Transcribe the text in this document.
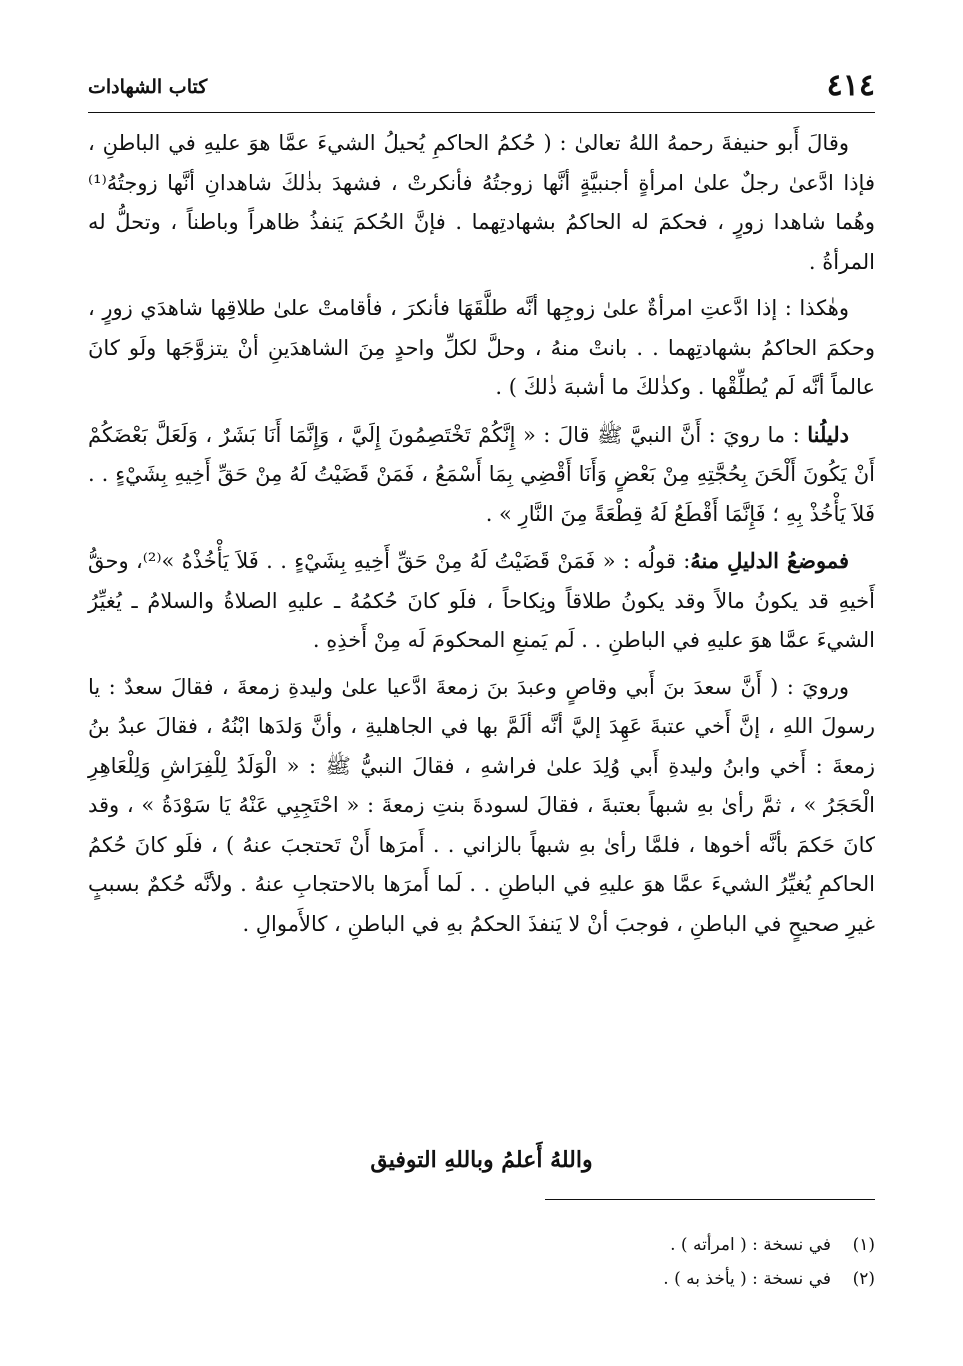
٤١٤
كتاب الشهادات

وقالَ أَبو حنيفةَ رحمهُ اللهُ تعالىٰ : ( حُكمُ الحاكمِ يُحيلُ الشيءَ عمَّا هوَ عليهِ في الباطنِ ، فإذا ادَّعىٰ رجلٌ علىٰ امرأةٍ أجنبيَّةٍ أنَّها زوجتُهُ فأنكرتْ ، فشهدَ بذٰلكَ شاهدانِ أنَّها زوجتُهُ⁽¹⁾ وهُما شاهدا زورٍ ، فحكمَ له الحاكمُ بشهادتِهما . فإنَّ الحُكمَ يَنفذُ ظاهراً وباطناً ، وتحلُّ له المرأةُ .

وهٰكذا : إذا ادَّعتِ امرأةٌ علىٰ زوجِها أنَّه طلَّقَهَا فأنكرَ ، فأقامتْ علىٰ طلاقِها شاهدَي زورٍ ، وحكمَ الحاكمُ بشهادتِهما . . بانتْ منهُ ، وحلَّ لكلِّ واحدٍ مِنَ الشاهدَينِ أنْ يتزوَّجَها ولَو كانَ عالماً أنَّه لَم يُطلِّقْها . وكذٰلكَ ما أشبهَ ذٰلكَ ) .

دليلُنا : ما رويَ : أَنَّ النبيَّ ﷺ قالَ : « إِنَّكُمْ تَخْتَصِمُونَ إِلَيَّ ، وَإِنَّمَا أَنَا بَشَرٌ ، وَلَعَلَّ بَعْضَكُمْ أَنْ يَكُونَ أَلْحَنَ بِحُجَّتِهِ مِنْ بَعْضٍ وَأَنَا أَقْضِي بِمَا أَسْمَعُ ، فَمَنْ قَضَيْتُ لَهُ مِنْ حَقِّ أَخِيهِ بِشَيْءٍ . . فَلاَ يَأْخُذْ بِهِ ؛ فَإِنَّمَا أَقْطَعُ لَهُ قِطْعَةً مِنَ النَّارِ » .

فموضعُ الدليلِ منهُ: قولُه : « فَمَنْ قَضَيْتُ لَهُ مِنْ حَقِّ أَخِيهِ بِشَيْءٍ . . فَلاَ يَأْخُذْهُ »⁽²⁾، وحقُّ أَخيهِ قد يكونُ مالاً وقد يكونُ طلاقاً ونِكاحاً ، فلَو كانَ حُكمُهُ ـ عليهِ الصلاةُ والسلامُ ـ يُغيِّرُ الشيءَ عمَّا هوَ عليهِ في الباطنِ . . لَم يَمنعِ المحكومَ لَه مِنْ أَخذِهِ .

ورويَ : ( أَنَّ سعدَ بنَ أَبي وقاصٍ وعبدَ بنَ زمعةَ ادَّعيا علىٰ وليدةِ زمعةَ ، فقالَ سعدٌ : يا رسولَ اللهِ ، إنَّ أَخي عتبةَ عَهِدَ إليَّ أنَّه ألَمَّ بها في الجاهليةِ ، وأنَّ وَلدَها ابْنُهُ ، فقالَ عبدُ بنُ زمعةَ : أَخي وابنُ وليدةِ أَبي وُلِدَ علىٰ فراشهِ ، فقالَ النبيُّ ﷺ : « الْوَلَدُ لِلْفِرَاشِ وَلِلْعَاهِرِ الْحَجَرُ » ، ثمَّ رأىٰ بهِ شبهاً بعتبةَ ، فقالَ لسودةَ بنتِ زمعةَ : « احْتَجِبِي عَنْهُ يَا سَوْدَةُ » ، وقد كانَ حَكمَ بأنَّه أخوها ، فلمَّا رأىٰ بهِ شبهاً بالزاني . . أَمرَها أَنْ تَحتجبَ عنهُ ) ، فلَو كانَ حُكمُ الحاكمِ يُغيِّرُ الشيءَ عمَّا هوَ عليهِ في الباطنِ . . لَما أَمرَها بالاحتجابِ عنهُ . ولأنَّه حُكمٌ بسببٍ غيرِ صحيحٍ في الباطنِ ، فوجبَ أنْ لا يَنفذَ الحكمُ بهِ في الباطنِ ، كالأَموالِ .

واللهُ أَعلمُ وباللهِ التوفيق
(١)في نسخة : ( امرأته ) .
(٢)في نسخة : ( يأخذ به ) .
